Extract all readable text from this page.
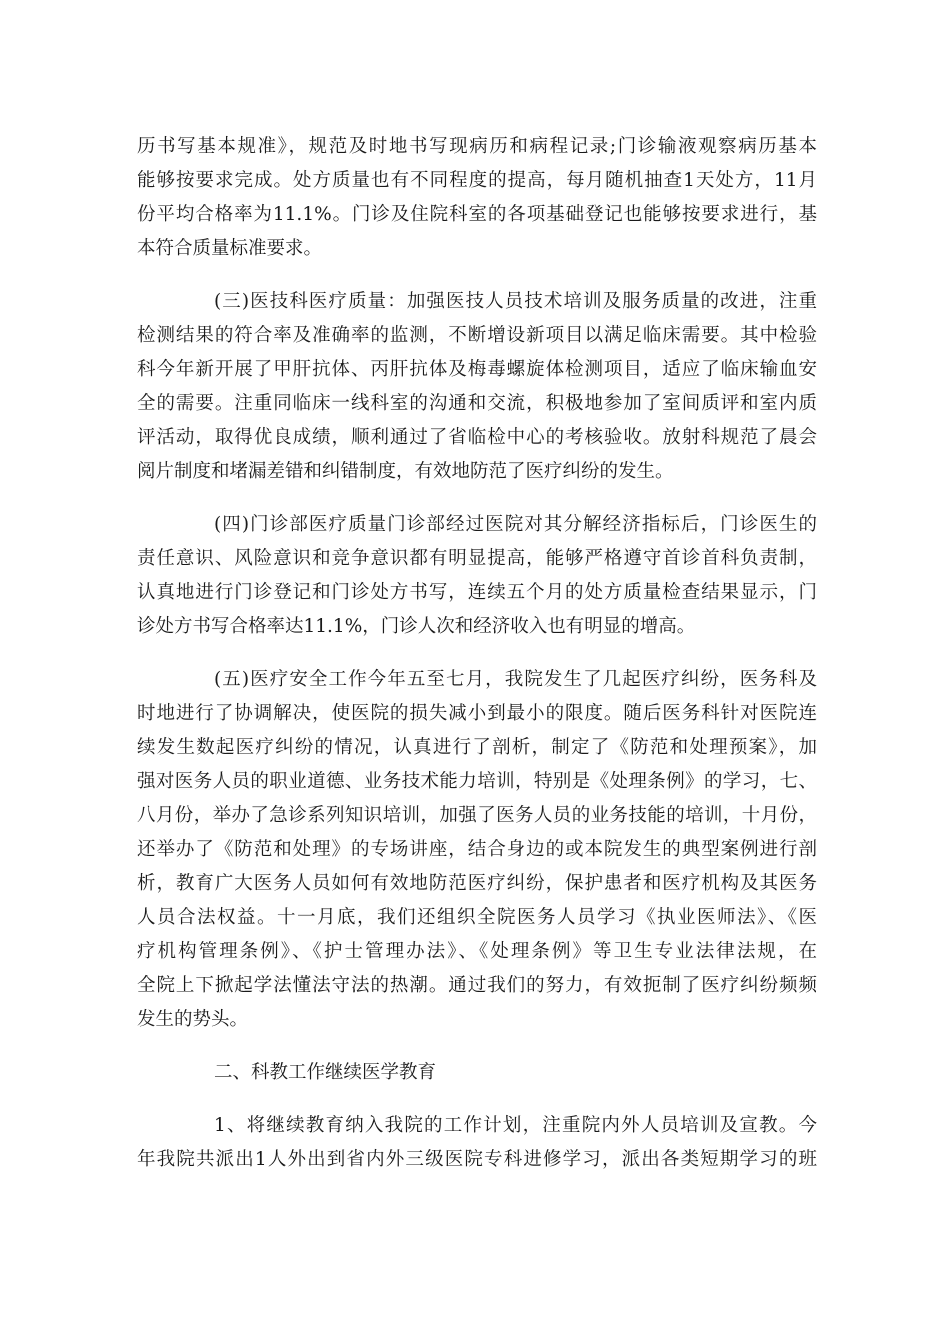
历书写基本规准》，规范及时地书写现病历和病程记录;门诊输液观察病历基本
能够按要求完成。处方质量也有不同程度的提高，每月随机抽查1天处方，11月
份平均合格率为11.1%。门诊及住院科室的各项基础登记也能够按要求进行，基
本符合质量标准要求。
(三)医技科医疗质量：加强医技人员技术培训及服务质量的改进，注重
检测结果的符合率及准确率的监测，不断增设新项目以满足临床需要。其中检验
科今年新开展了甲肝抗体、丙肝抗体及梅毒螺旋体检测项目，适应了临床输血安
全的需要。注重同临床一线科室的沟通和交流，积极地参加了室间质评和室内质
评活动，取得优良成绩，顺利通过了省临检中心的考核验收。放射科规范了晨会
阅片制度和堵漏差错和纠错制度，有效地防范了医疗纠纷的发生。
(四)门诊部医疗质量门诊部经过医院对其分解经济指标后，门诊医生的
责任意识、风险意识和竞争意识都有明显提高，能够严格遵守首诊首科负责制，
认真地进行门诊登记和门诊处方书写，连续五个月的处方质量检查结果显示，门
诊处方书写合格率达11.1%，门诊人次和经济收入也有明显的增高。
(五)医疗安全工作今年五至七月，我院发生了几起医疗纠纷，医务科及
时地进行了协调解决，使医院的损失减小到最小的限度。随后医务科针对医院连
续发生数起医疗纠纷的情况，认真进行了剖析，制定了《防范和处理预案》，加
强对医务人员的职业道德、业务技术能力培训，特别是《处理条例》的学习，七、
八月份，举办了急诊系列知识培训，加强了医务人员的业务技能的培训，十月份，
还举办了《防范和处理》的专场讲座，结合身边的或本院发生的典型案例进行剖
析，教育广大医务人员如何有效地防范医疗纠纷，保护患者和医疗机构及其医务
人员合法权益。十一月底，我们还组织全院医务人员学习《执业医师法》、《医
疗机构管理条例》、《护士管理办法》、《处理条例》等卫生专业法律法规，在
全院上下掀起学法懂法守法的热潮。通过我们的努力，有效扼制了医疗纠纷频频
发生的势头。
二、科教工作继续医学教育
1、将继续教育纳入我院的工作计划，注重院内外人员培训及宣教。今
年我院共派出1人外出到省内外三级医院专科进修学习，派出各类短期学习的班
